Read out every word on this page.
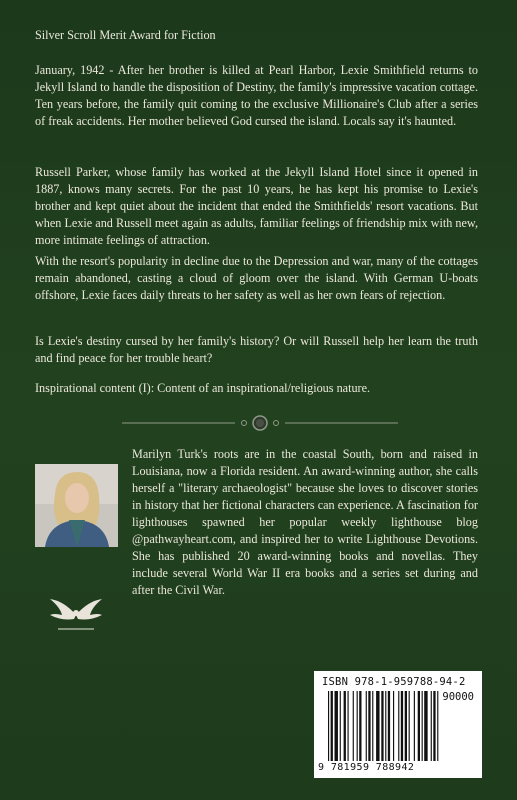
Silver Scroll Merit Award for Fiction

January, 1942 - After her brother is killed at Pearl Harbor, Lexie Smithfield returns to Jekyll Island to handle the disposition of Destiny, the family's impressive vacation cottage. Ten years before, the family quit coming to the exclusive Millionaire's Club after a series of freak accidents. Her mother believed God cursed the island. Locals say it's haunted.

Russell Parker, whose family has worked at the Jekyll Island Hotel since it opened in 1887, knows many secrets. For the past 10 years, he has kept his promise to Lexie's brother and kept quiet about the incident that ended the Smithfields' resort vacations. But when Lexie and Russell meet again as adults, familiar feelings of friendship mix with new, more intimate feelings of attraction.

With the resort's popularity in decline due to the Depression and war, many of the cottages remain abandoned, casting a cloud of gloom over the island. With German U-boats offshore, Lexie faces daily threats to her safety as well as her own fears of rejection.

Is Lexie's destiny cursed by her family's history? Or will Russell help her learn the truth and find peace for her trouble heart?

Inspirational content (I): Content of an inspirational/religious nature.

Marilyn Turk's roots are in the coastal South, born and raised in Louisiana, now a Florida resident. An award-winning author, she calls herself a "literary archaeologist" because she loves to discover stories in history that her fictional characters can experience. A fascination for lighthouses spawned her popular weekly lighthouse blog @pathwayheart.com, and inspired her to write Lighthouse Devotions. She has published 20 award-winning books and novellas. They include several World War II era books and a series set during and after the Civil War.

ISBN 978-1-959788-94-2
90000
9 781959 788942
